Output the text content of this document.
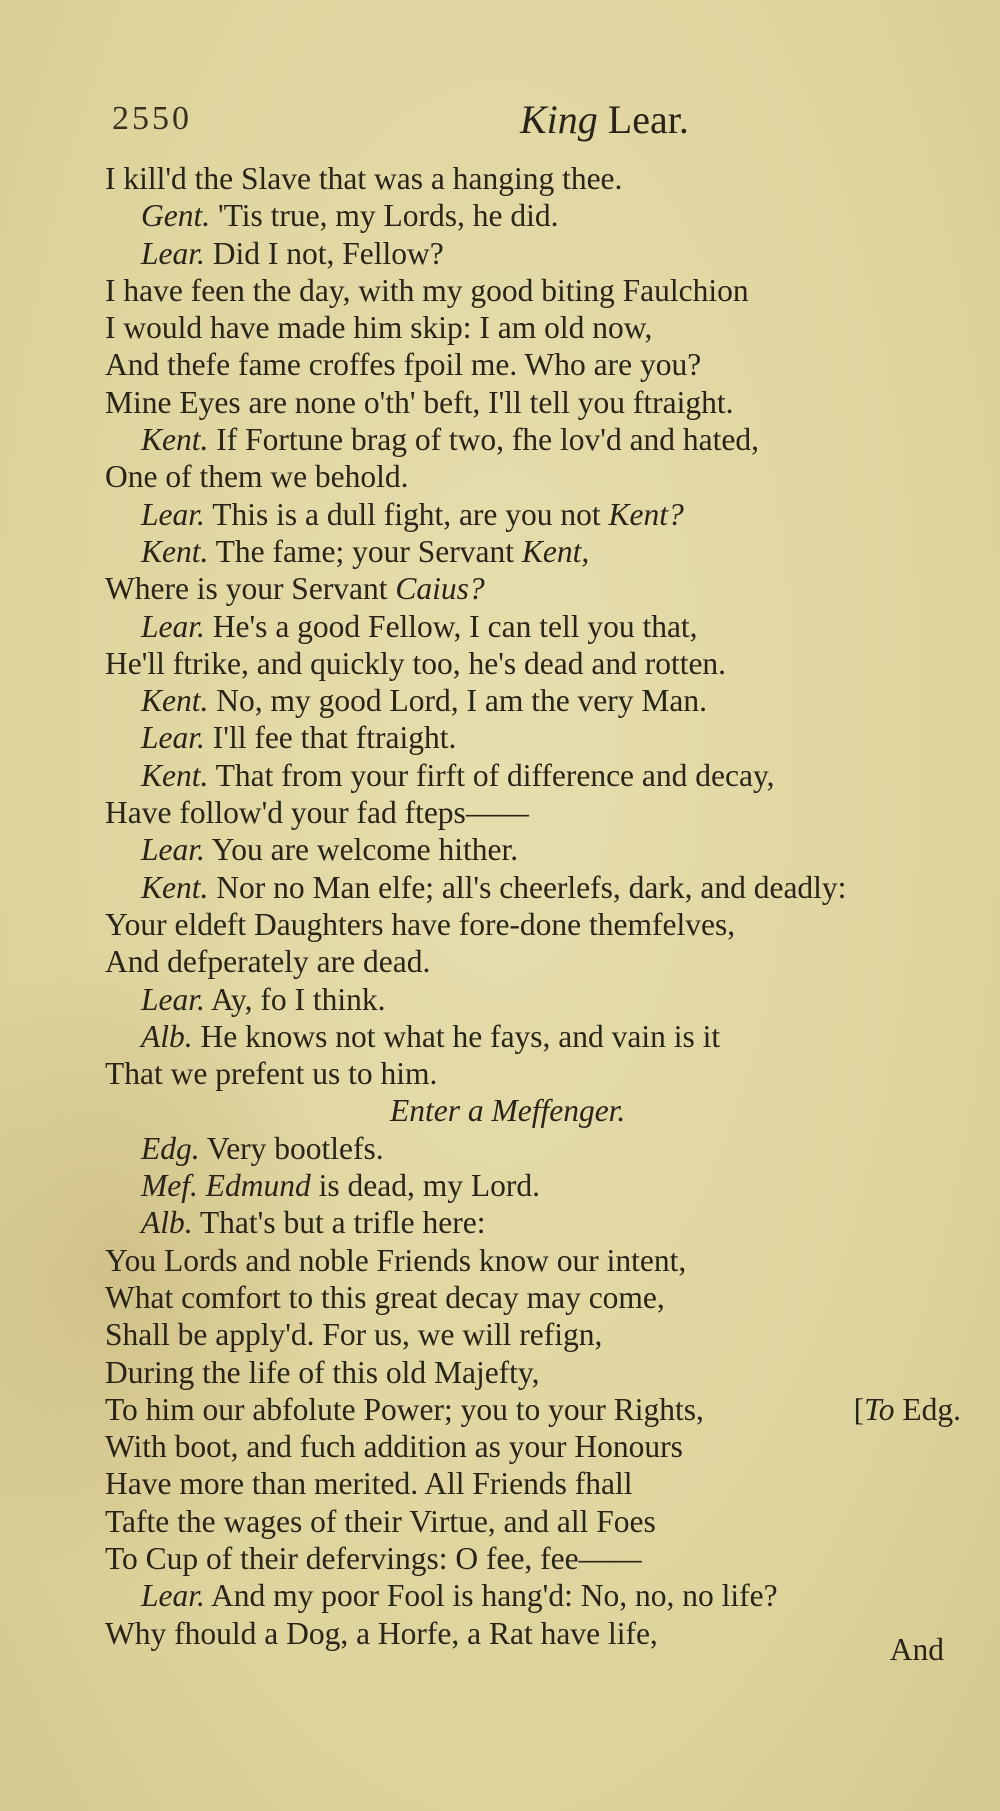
2550	King Lear.
I kill'd the Slave that was a hanging thee.
Gent. 'Tis true, my Lords, he did.
Lear. Did I not, Fellow?
I have feen the day, with my good biting Faulchion
I would have made him skip: I am old now,
And thefe fame croffes fpoil me. Who are you?
Mine Eyes are none o'th' beft, I'll tell you ftraight.
Kent. If Fortune brag of two, fhe lov'd and hated,
One of them we behold.
Lear. This is a dull fight, are you not Kent?
Kent. The fame; your Servant Kent,
Where is your Servant Caius?
Lear. He's a good Fellow, I can tell you that,
He'll ftrike, and quickly too, he's dead and rotten.
Kent. No, my good Lord, I am the very Man.
Lear. I'll fee that ftraight.
Kent. That from your firft of difference and decay,
Have follow'd your fad fteps——
Lear. You are welcome hither.
Kent. Nor no Man elfe; all's cheerlefs, dark, and deadly:
Your eldeft Daughters have fore-done themfelves,
And defperately are dead.
Lear. Ay, fo I think.
Alb. He knows not what he fays, and vain is it
That we prefent us to him.
Enter a Meffenger.
Edg. Very bootlefs.
Mef. Edmund is dead, my Lord.
Alb. That's but a trifle here:
You Lords and noble Friends know our intent,
What comfort to this great decay may come,
Shall be apply'd. For us, we will refign,
During the life of this old Majefty,
To him our abfolute Power; you to your Rights,	[To Edg.
With boot, and fuch addition as your Honours
Have more than merited. All Friends fhall
Tafte the wages of their Virtue, and all Foes
To Cup of their defervings: O fee, fee——
Lear. And my poor Fool is hang'd: No, no, no life?
Why fhould a Dog, a Horfe, a Rat have life,	And
